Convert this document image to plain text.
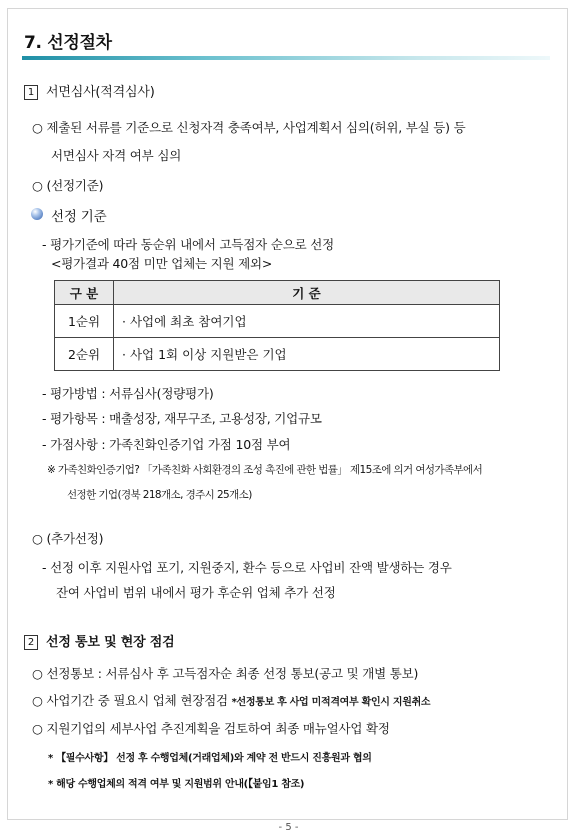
7. 선정절차
1 서면심사(적격심사)
○ 제출된 서류를 기준으로 신청자격 충족여부, 사업계획서 심의(허위, 부실 등) 등
서면심사 자격 여부 심의
○ (선정기준)
선정 기준
- 평가기준에 따라 동순위 내에서 고득점자 순으로 선정
<평가결과 40점 미만 업체는 지원 제외>
구 분	기 준
1순위	· 사업에 최초 참여기업
2순위	· 사업 1회 이상 지원받은 기업
- 평가방법 : 서류심사(정량평가)
- 평가항목 : 매출성장, 재무구조, 고용성장, 기업규모
- 가점사항 : 가족친화인증기업 가점 10점 부여
※ 가족친화인증기업? 「가족친화 사회환경의 조성 촉진에 관한 법률」 제15조에 의거 여성가족부에서
선정한 기업(경북 218개소, 경주시 25개소)
○ (추가선정)
- 선정 이후 지원사업 포기, 지원중지, 환수 등으로 사업비 잔액 발생하는 경우
잔여 사업비 범위 내에서 평가 후순위 업체 추가 선정
2 선정 통보 및 현장 점검
○ 선정통보 : 서류심사 후 고득점자순 최종 선정 통보(공고 및 개별 통보)
○ 사업기간 중 필요시 업체 현장점검 *선정통보 후 사업 미적격여부 확인시 지원취소
○ 지원기업의 세부사업 추진계획을 검토하여 최종 매뉴얼사업 확정
* 【필수사항】 선정 후 수행업체(거래업체)와 계약 전 반드시 진흥원과 협의
* 해당 수행업체의 적격 여부 및 지원범위 안내(【붙임1 참조)
- 5 -
